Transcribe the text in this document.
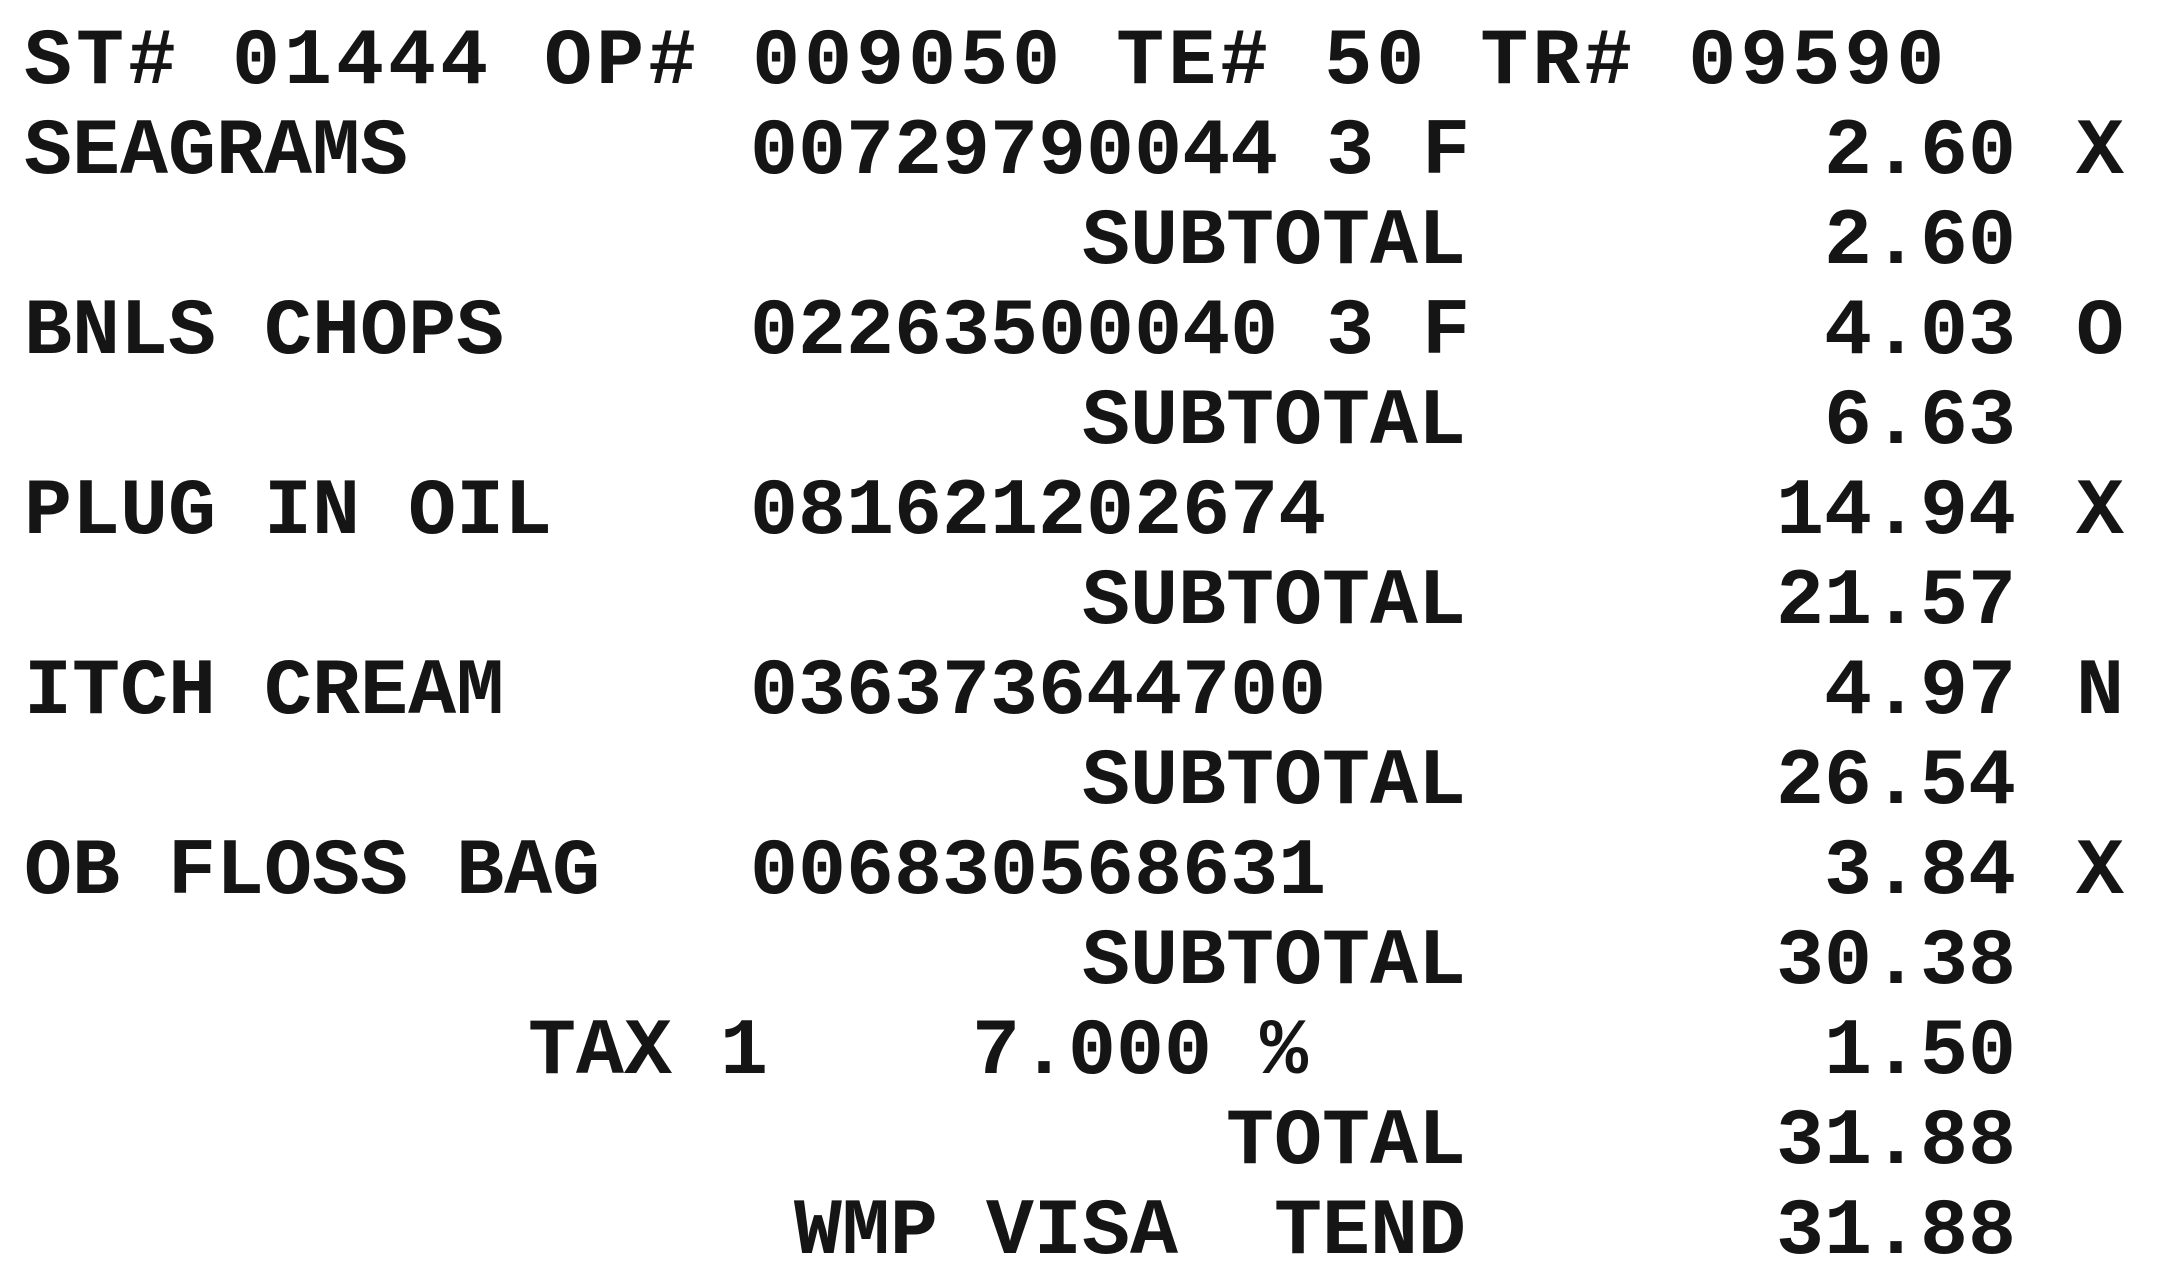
ST# 01444 OP# 009050 TE# 50 TR# 09590
SEAGRAMS	00729790044 3 F	2.60 X
SUBTOTAL	2.60
BNLS CHOPS	02263500040 3 F	4.03 O
SUBTOTAL	6.63
PLUG IN OIL 081621202674	14.94 X
SUBTOTAL	21.57
ITCH CREAM	036373644700	4.97 N
SUBTOTAL	26.54
OB FLOSS BAG 006830568631	3.84 X
SUBTOTAL	30.38
TAX 1	7.000 %	1.50
TOTAL	31.88
WMP VISA  TEND	31.88
